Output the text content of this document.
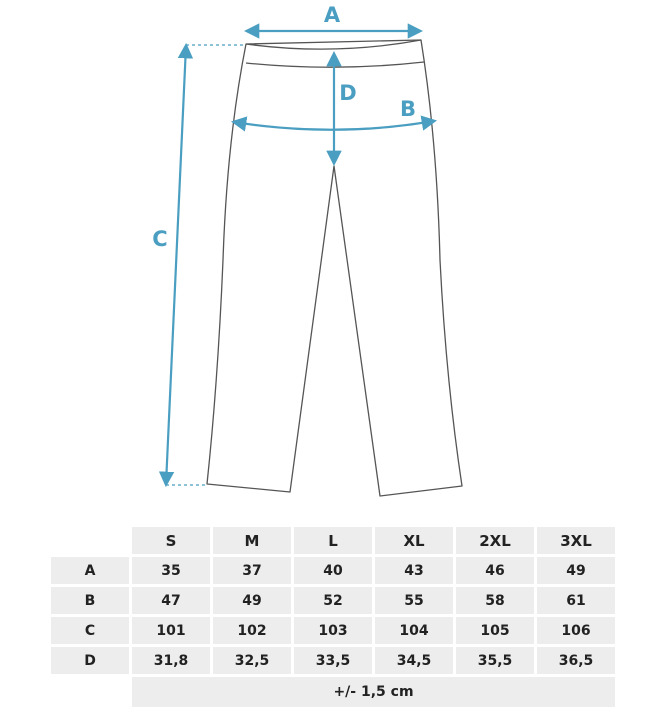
A
B
D
C
	S	M	L	XL	2XL	3XL
A	35	37	40	43	46	49
B	47	49	52	55	58	61
C	101	102	103	104	105	106
D	31,8	32,5	33,5	34,5	35,5	36,5
	+/- 1,5 cm					
